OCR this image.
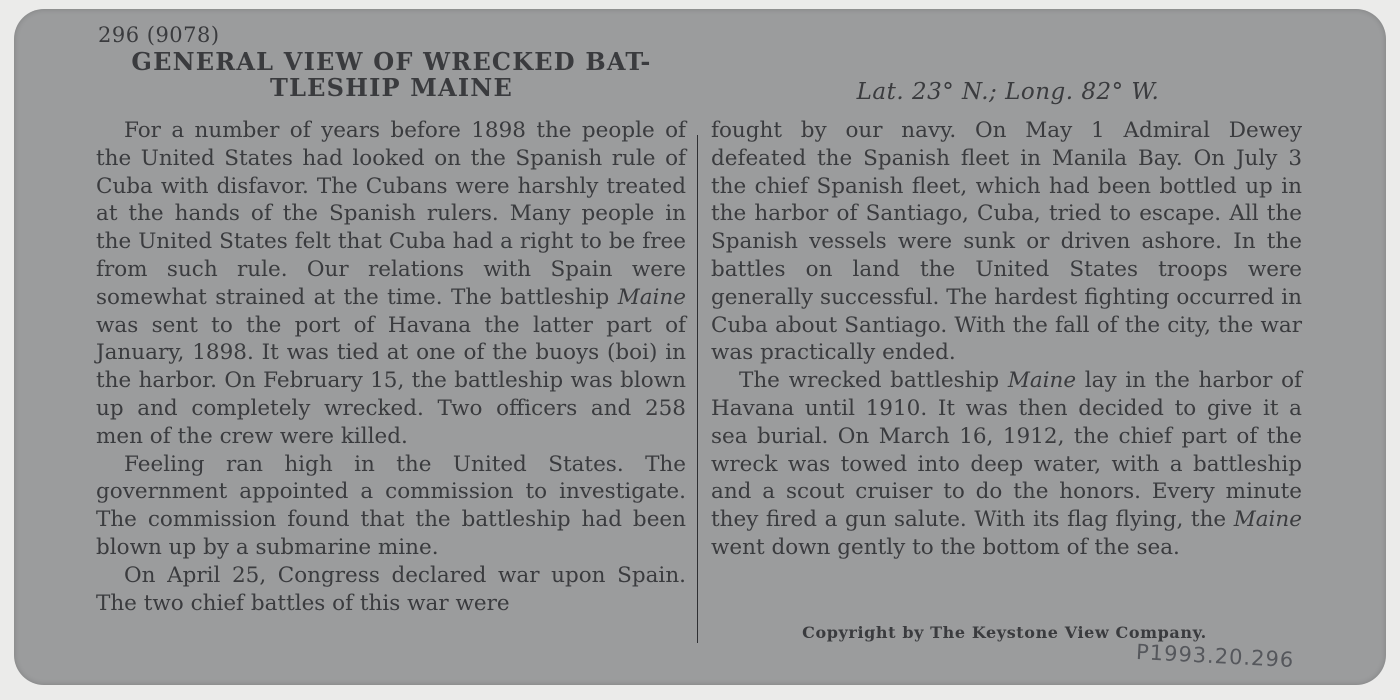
296 (9078)
GENERAL VIEW OF WRECKED BAT-
TLESHIP MAINE	Lat. 23° N.; Long. 82° W.

For a number of years before 1898 the people of the United States had looked on the Spanish rule of Cuba with disfavor. The Cubans were harshly treated at the hands of the Spanish rulers. Many people in the United States felt that Cuba had a right to be free from such rule. Our relations with Spain were somewhat strained at the time. The battleship Maine was sent to the port of Havana the latter part of January, 1898. It was tied at one of the buoys (boi) in the harbor. On February 15, the battleship was blown up and completely wrecked. Two officers and 258 men of the crew were killed.

Feeling ran high in the United States. The government appointed a commission to investigate. The commission found that the battleship had been blown up by a submarine mine.

On April 25, Congress declared war upon Spain. The two chief battles of this war were

fought by our navy. On May 1 Admiral Dewey defeated the Spanish fleet in Manila Bay. On July 3 the chief Spanish fleet, which had been bottled up in the harbor of Santiago, Cuba, tried to escape. All the Spanish vessels were sunk or driven ashore. In the battles on land the United States troops were generally successful. The hardest fighting occurred in Cuba about Santiago. With the fall of the city, the war was practically ended.

The wrecked battleship Maine lay in the harbor of Havana until 1910. It was then decided to give it a sea burial. On March 16, 1912, the chief part of the wreck was towed into deep water, with a battleship and a scout cruiser to do the honors. Every minute they fired a gun salute. With its flag flying, the Maine went down gently to the bottom of the sea.

Copyright by The Keystone View Company.
P1993.20.296
